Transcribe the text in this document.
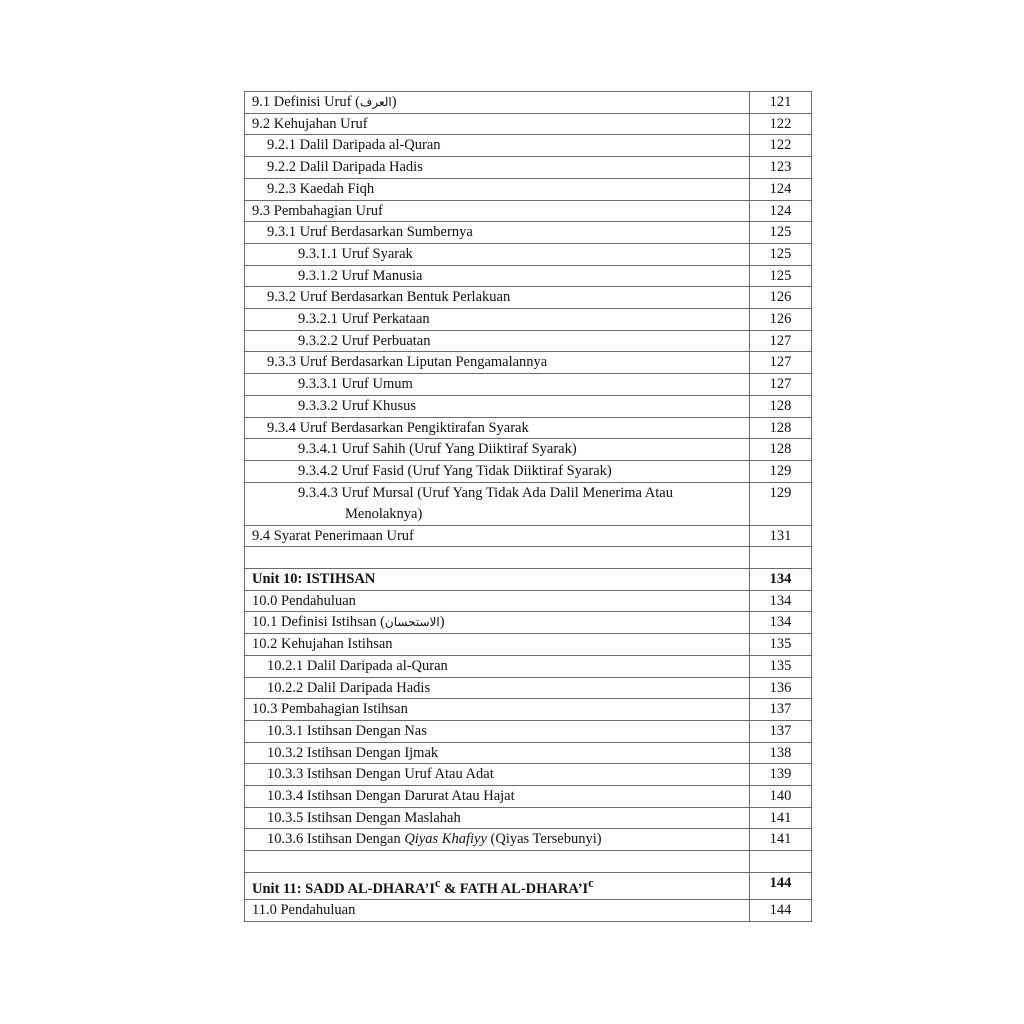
9.1 Definisi Uruf (العرف)	121
9.2 Kehujahan Uruf	122
9.2.1 Dalil Daripada al-Quran	122
9.2.2 Dalil Daripada Hadis	123
9.2.3 Kaedah Fiqh	124
9.3 Pembahagian Uruf	124
9.3.1 Uruf Berdasarkan Sumbernya	125
9.3.1.1 Uruf Syarak	125
9.3.1.2 Uruf Manusia	125
9.3.2 Uruf Berdasarkan Bentuk Perlakuan	126
9.3.2.1 Uruf Perkataan	126
9.3.2.2 Uruf Perbuatan	127
9.3.3 Uruf Berdasarkan Liputan Pengamalannya	127
9.3.3.1 Uruf Umum	127
9.3.3.2 Uruf Khusus	128
9.3.4 Uruf Berdasarkan Pengiktirafan Syarak	128
9.3.4.1 Uruf Sahih (Uruf Yang Diiktiraf Syarak)	128
9.3.4.2 Uruf Fasid (Uruf Yang Tidak Diiktiraf Syarak)	129
9.3.4.3 Uruf Mursal (Uruf Yang Tidak Ada Dalil Menerima Atau Menolaknya)	129
9.4 Syarat Penerimaan Uruf	131

Unit 10: ISTIHSAN	134
10.0 Pendahuluan	134
10.1 Definisi Istihsan (الاستحسان)	134
10.2 Kehujahan Istihsan	135
10.2.1 Dalil Daripada al-Quran	135
10.2.2 Dalil Daripada Hadis	136
10.3 Pembahagian Istihsan	137
10.3.1 Istihsan Dengan Nas	137
10.3.2 Istihsan Dengan Ijmak	138
10.3.3 Istihsan Dengan Uruf Atau Adat	139
10.3.4 Istihsan Dengan Darurat Atau Hajat	140
10.3.5 Istihsan Dengan Maslahah	141
10.3.6 Istihsan Dengan Qiyas Khafiyy (Qiyas Tersebunyi)	141

Unit 11: SADD $AL-DHARA’I^c$ & FATH $AL-DHARA’I^c$	144
11.0 Pendahuluan	144
